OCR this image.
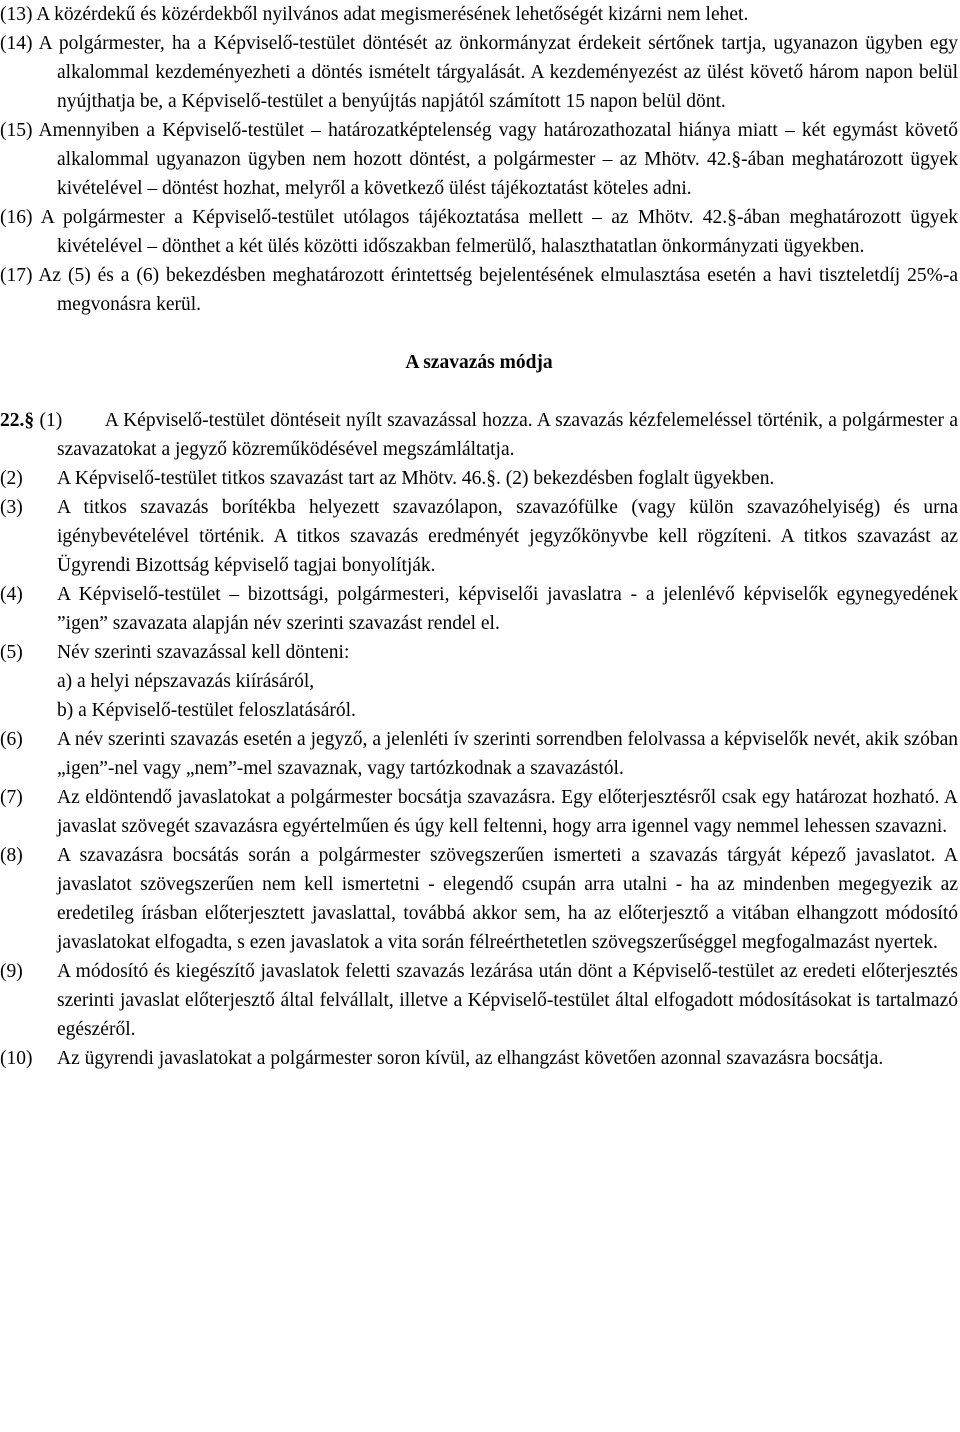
(13) A közérdekű és közérdekből nyilvános adat megismerésének lehetőségét kizárni nem lehet.

(14) A polgármester, ha a Képviselő-testület döntését az önkormányzat érdekeit sértőnek tartja, ugyanazon ügyben egy alkalommal kezdeményezheti a döntés ismételt tárgyalását. A kezdeményezést az ülést követő három napon belül nyújthatja be, a Képviselő-testület a benyújtás napjától számított 15 napon belül dönt.

(15) Amennyiben a Képviselő-testület – határozatképtelenség vagy határozathozatal hiánya miatt – két egymást követő alkalommal ugyanazon ügyben nem hozott döntést, a polgármester – az Mhötv. 42.§-ában meghatározott ügyek kivételével – döntést hozhat, melyről a következő ülést tájékoztatást köteles adni.

(16) A polgármester a Képviselő-testület utólagos tájékoztatása mellett – az Mhötv. 42.§-ában meghatározott ügyek kivételével – dönthet a két ülés közötti időszakban felmerülő, halaszthatatlan önkormányzati ügyekben.

(17) Az (5) és a (6) bekezdésben meghatározott érintettség bejelentésének elmulasztása esetén a havi tiszteletdíj 25%-a megvonásra kerül.

A szavazás módja

22.§ (1) A Képviselő-testület döntéseit nyílt szavazással hozza. A szavazás kézfelemeléssel történik, a polgármester a szavazatokat a jegyző közreműködésével megszámláltatja.

(2) A Képviselő-testület titkos szavazást tart az Mhötv. 46.§. (2) bekezdésben foglalt ügyekben.

(3) A titkos szavazás borítékba helyezett szavazólapon, szavazófülke (vagy külön szavazóhelyiség) és urna igénybevételével történik. A titkos szavazás eredményét jegyzőkönyvbe kell rögzíteni. A titkos szavazást az Ügyrendi Bizottság képviselő tagjai bonyolítják.

(4) A Képviselő-testület – bizottsági, polgármesteri, képviselői javaslatra - a jelenlévő képviselők egynegyedének ”igen” szavazata alapján név szerinti szavazást rendel el.

(5) Név szerinti szavazással kell dönteni:

a) a helyi népszavazás kiírásáról,

b) a Képviselő-testület feloszlatásáról.

(6) A név szerinti szavazás esetén a jegyző, a jelenléti ív szerinti sorrendben felolvassa a képviselők nevét, akik szóban „igen”-nel vagy „nem”-mel szavaznak, vagy tartózkodnak a szavazástól.

(7) Az eldöntendő javaslatokat a polgármester bocsátja szavazásra. Egy előterjesztésről csak egy határozat hozható. A javaslat szövegét szavazásra egyértelműen és úgy kell feltenni, hogy arra igennel vagy nemmel lehessen szavazni.

(8) A szavazásra bocsátás során a polgármester szövegszerűen ismerteti a szavazás tárgyát képező javaslatot. A javaslatot szövegszerűen nem kell ismertetni - elegendő csupán arra utalni - ha az mindenben megegyezik az eredetileg írásban előterjesztett javaslattal, továbbá akkor sem, ha az előterjesztő a vitában elhangzott módosító javaslatokat elfogadta, s ezen javaslatok a vita során félreérthetetlen szövegszerűséggel megfogalmazást nyertek.

(9) A módosító és kiegészítő javaslatok feletti szavazás lezárása után dönt a Képviselő-testület az eredeti előterjesztés szerinti javaslat előterjesztő által felvállalt, illetve a Képviselő-testület által elfogadott módosításokat is tartalmazó egészéről.

(10) Az ügyrendi javaslatokat a polgármester soron kívül, az elhangzást követően azonnal szavazásra bocsátja.
